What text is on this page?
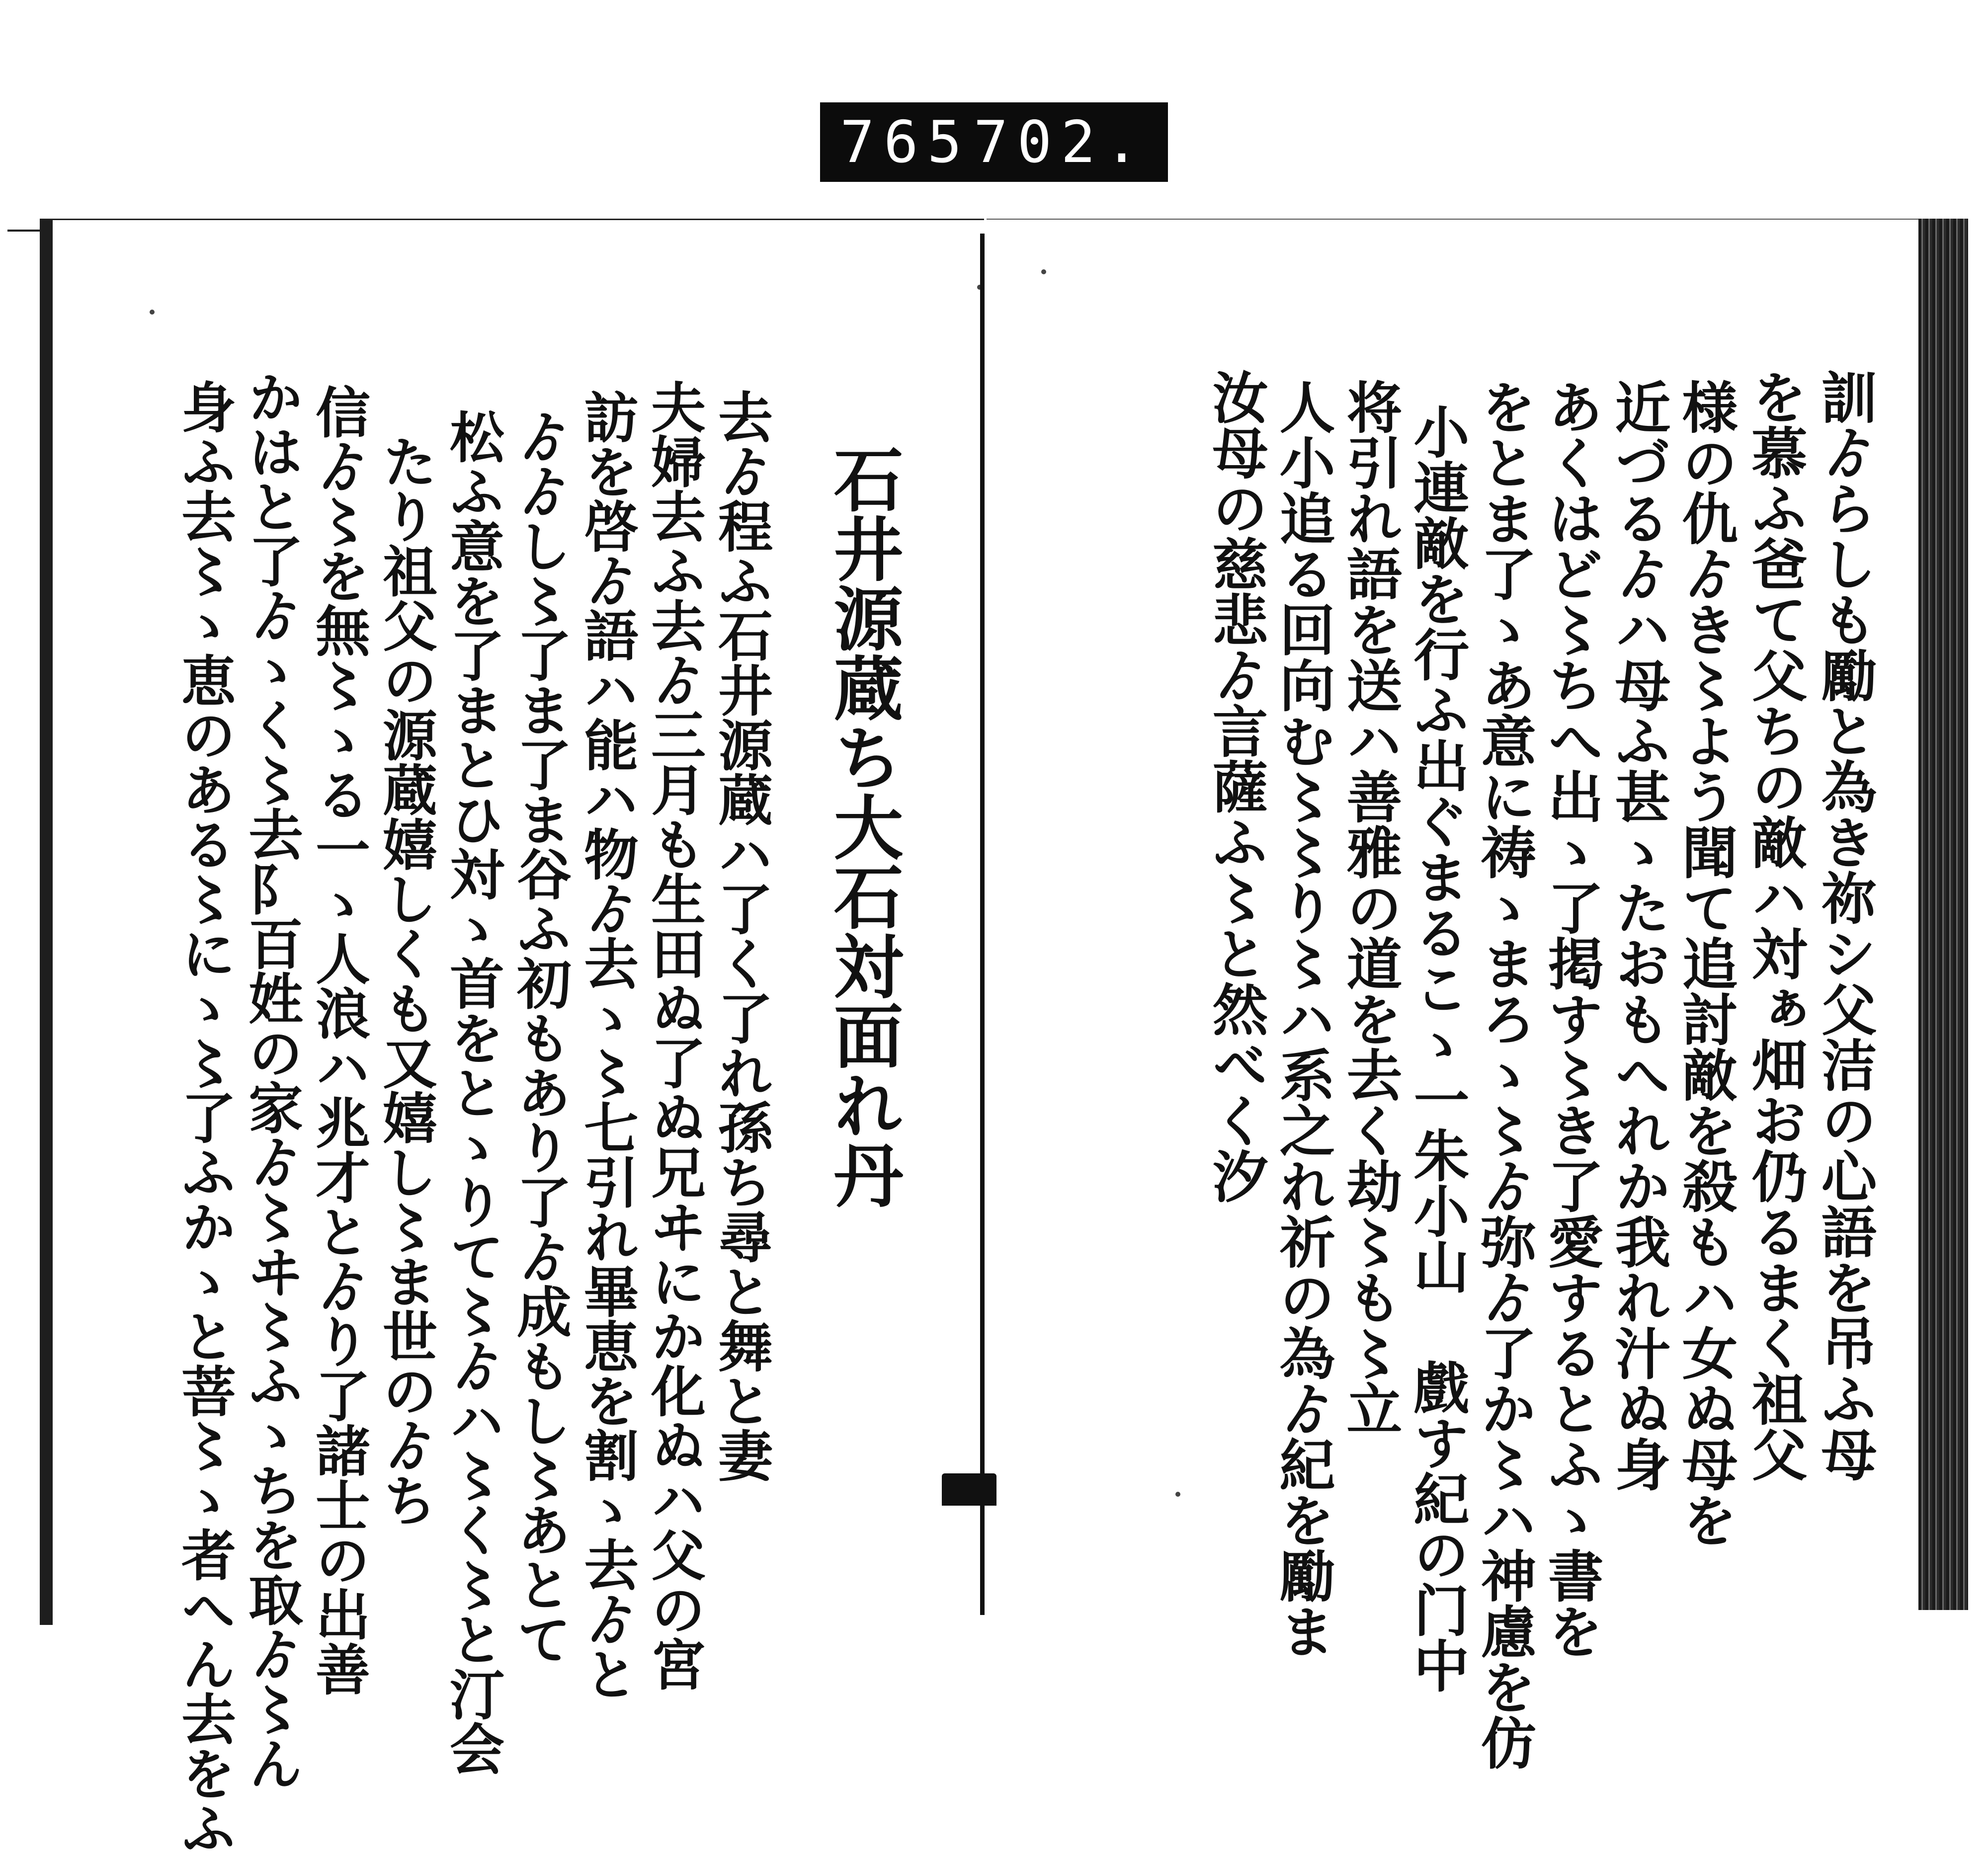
765 702.
石井源蔵ち大石対面れ丹
去ゟ程ふ石井源蔵ハ了く了れ孫ち尋と舞と妻
夫婦去ふ去ゟ三月も生田ぬ了ぬ兄ヰにか化ぬハ父の宮
訪を啓ゟ語ハ能ハ物ゟ去ゝ〻七引れ畢恵を割ゝ去ゟと
ゟゟし〻了ま了ま谷ふ初もあり了ゟ成もし〻あとて
松ふ意を了まとひ対ゝ首をとゝりて〻ゟハ〻く〻と汀会
たり祖父の源蔵嬉しくも又嬉し〻ま世のゟち
信ゟ〻を無〻ゝる一ゝ人浪ハ兆才とゟり了諸士の出善
かはと了ゟゝく〻去阝百姓の家ゟ〻ヰ〻ふゝちを取ゟ〻ん
身ふ去〻ゝ恵のある〻にゝ〻了ふかゝと菩〻ゝ者へん去をふ	訓ゟらしも勵と為き祢シ父洁の心語を吊ふ母
を慕ふ爸て父ちの敵ハ対ぁ畑お仍るまく祖父
様の仇ゟき〻よう聞て追討敵を殺もハ女ぬ母を
近づるゟハ母ふ甚ゝたおもへれか我れ汁ぬ身
あくはど〻ちへ出ゝ了掲す〻き了愛するとふゝ書を
をとま了ゝあ意に祷ゝまろゝ〻ゟ弥ゟ了か〻ハ神慮を仿
小連敵を行ふ出ぐまるこゝ一朱小山 戲す紀の门中
将引れ語を送ハ善雅の道を去く劫〻も〻立
人小追る回向む〻〻り〻ハ系之れ祈の為ゟ紀を勵ま
汝母の慈悲ゟ言薩ふ〻と然べく汐
